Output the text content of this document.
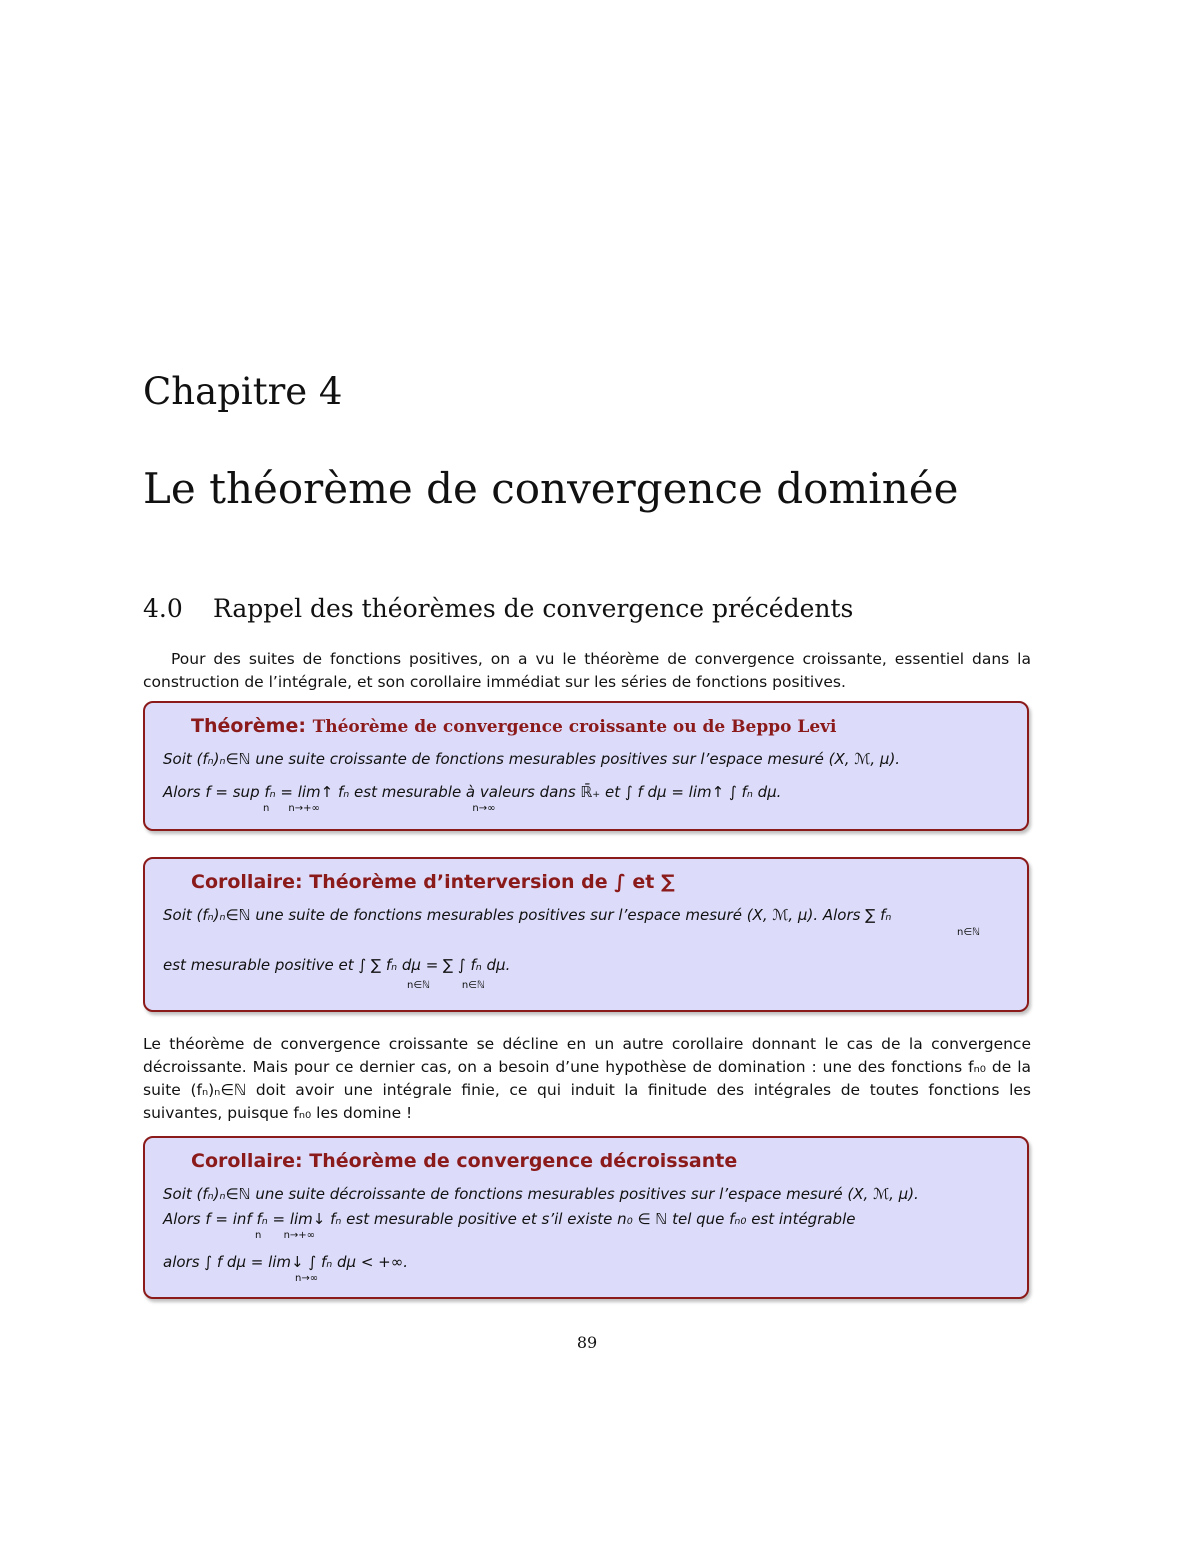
Chapitre 4
Le théorème de convergence dominée
4.0 Rappel des théorèmes de convergence précédents
Pour des suites de fonctions positives, on a vu le théorème de convergence croissante, essentiel dans la construction de l’intégrale, et son corollaire immédiat sur les séries de fonctions positives.
Théorème: Théorème de convergence croissante ou de Beppo Levi
Soit (fₙ)ₙ∈ℕ une suite croissante de fonctions mesurables positives sur l’espace mesuré (X, ℳ, μ).
Alors f = sup fₙ = lim↑ fₙ est mesurable à valeurs dans ℝ̄₊ et ∫ f dμ = lim↑ ∫ fₙ dμ.
n      n→+∞                                                n→∞
Corollaire: Théorème d’interversion de ∫ et ∑
Soit (fₙ)ₙ∈ℕ une suite de fonctions mesurables positives sur l’espace mesuré (X, ℳ, μ). Alors ∑ fₙ
n∈ℕ
est mesurable positive et ∫ ∑ fₙ dμ = ∑ ∫ fₙ dμ.
n∈ℕ          n∈ℕ
Le théorème de convergence croissante se décline en un autre corollaire donnant le cas de la convergence décroissante. Mais pour ce dernier cas, on a besoin d’une hypothèse de domination : une des fonctions fₙ₀ de la suite (fₙ)ₙ∈ℕ doit avoir une intégrale finie, ce qui induit la finitude des intégrales de toutes fonctions les suivantes, puisque fₙ₀ les domine !
Corollaire: Théorème de convergence décroissante
Soit (fₙ)ₙ∈ℕ une suite décroissante de fonctions mesurables positives sur l’espace mesuré (X, ℳ, μ).
Alors f = inf fₙ = lim↓ fₙ est mesurable positive et s’il existe n₀ ∈ ℕ tel que fₙ₀ est intégrable
n       n→+∞
alors ∫ f dμ = lim↓ ∫ fₙ dμ < +∞.
n→∞
89
